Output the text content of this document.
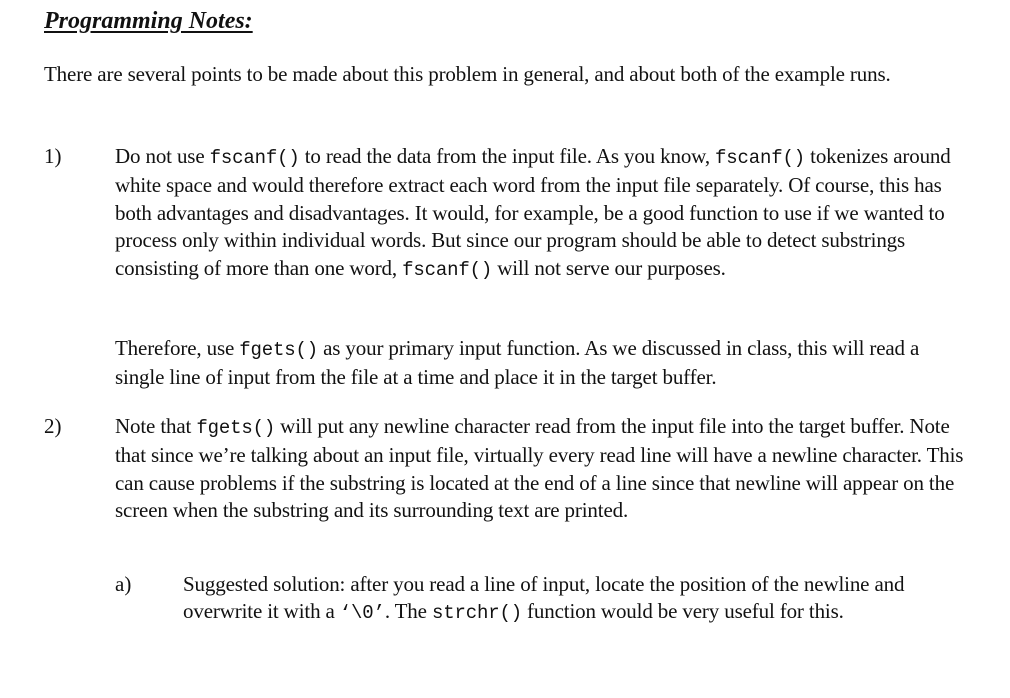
Programming Notes:
There are several points to be made about this problem in general, and about both of the example runs.
1)	Do not use fscanf() to read the data from the input file. As you know, fscanf() tokenizes around white space and would therefore extract each word from the input file separately. Of course, this has both advantages and disadvantages. It would, for example, be a good function to use if we wanted to process only within individual words. But since our program should be able to detect substrings consisting of more than one word, fscanf() will not serve our purposes.
Therefore, use fgets() as your primary input function. As we discussed in class, this will read a single line of input from the file at a time and place it in the target buffer.
2)	Note that fgets() will put any newline character read from the input file into the target buffer. Note that since we’re talking about an input file, virtually every read line will have a newline character. This can cause problems if the substring is located at the end of a line since that newline will appear on the screen when the substring and its surrounding text are printed.
a) Suggested solution: after you read a line of input, locate the position of the newline and overwrite it with a ‘\0’. The strchr() function would be very useful for this.
